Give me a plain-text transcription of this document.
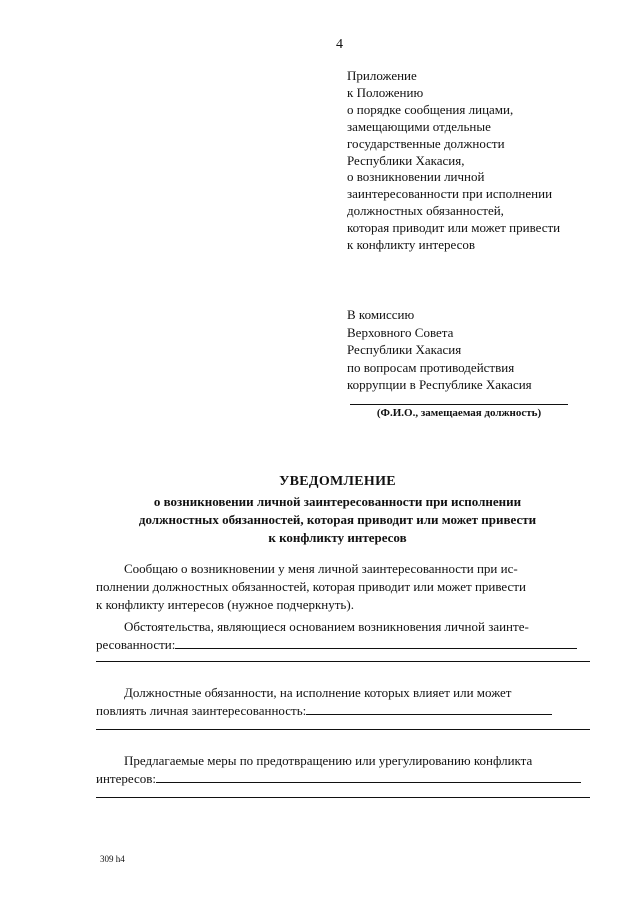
4
Приложение
к Положению
о порядке сообщения лицами,
замещающими отдельные
государственные должности
Республики Хакасия,
о возникновении личной
заинтересованности при исполнении
должностных обязанностей,
которая приводит или может привести
к конфликту интересов
В комиссию
Верховного Совета
Республики Хакасия
по вопросам противодействия
коррупции в Республике Хакасия
(Ф.И.О., замещаемая должность)
УВЕДОМЛЕНИЕ
о возникновении личной заинтересованности при исполнении
должностных обязанностей, которая приводит или может привести
к конфликту интересов
Сообщаю о возникновении у меня личной заинтересованности при ис-
полнении должностных обязанностей, которая приводит или может привести
к конфликту интересов (нужное подчеркнуть).
Обстоятельства, являющиеся основанием возникновения личной заинте-
ресованности:
Должностные обязанности, на исполнение которых влияет или может
повлиять личная заинтересованность:
Предлагаемые меры по предотвращению или урегулированию конфликта
интересов:
309 h4
